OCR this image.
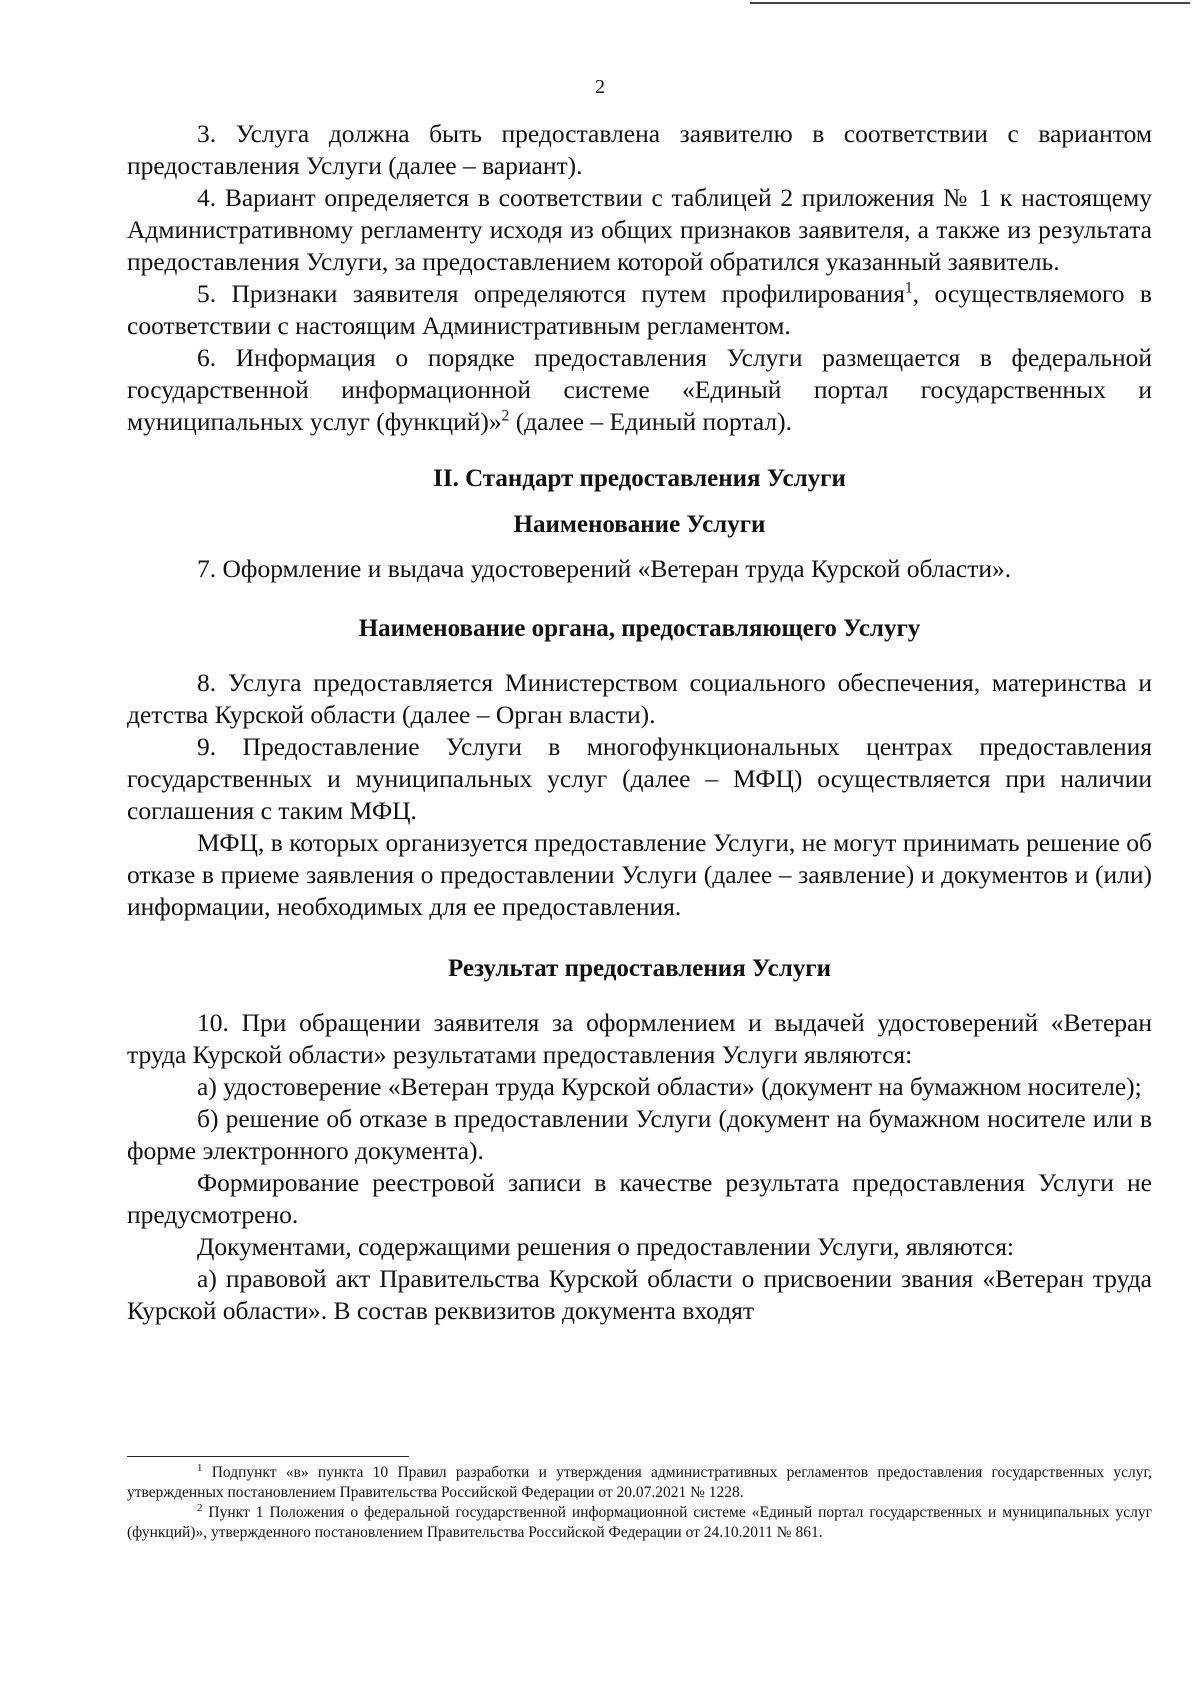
2

3. Услуга должна быть предоставлена заявителю в соответствии с вариантом предоставления Услуги (далее – вариант).

4. Вариант определяется в соответствии с таблицей 2 приложения № 1 к настоящему Административному регламенту исходя из общих признаков заявителя, а также из результата предоставления Услуги, за предоставлением которой обратился указанный заявитель.

5. Признаки заявителя определяются путем профилирования$^1$, осуществляемого в соответствии с настоящим Административным регламентом.

6. Информация о порядке предоставления Услуги размещается в федеральной государственной информационной системе «Единый портал государственных и муниципальных услуг (функций)»$^2$ (далее – Единый портал).

II. Стандарт предоставления Услуги
Наименование Услуги

7. Оформление и выдача удостоверений «Ветеран труда Курской области».

Наименование органа, предоставляющего Услугу

8. Услуга предоставляется Министерством социального обеспечения, материнства и детства Курской области (далее – Орган власти).

9. Предоставление Услуги в многофункциональных центрах предоставления государственных и муниципальных услуг (далее – МФЦ) осуществляется при наличии соглашения с таким МФЦ.

МФЦ, в которых организуется предоставление Услуги, не могут принимать решение об отказе в приеме заявления о предоставлении Услуги (далее – заявление) и документов и (или) информации, необходимых для ее предоставления.

Результат предоставления Услуги

10. При обращении заявителя за оформлением и выдачей удостоверений «Ветеран труда Курской области» результатами предоставления Услуги являются:

а) удостоверение «Ветеран труда Курской области» (документ на бумажном носителе);

б) решение об отказе в предоставлении Услуги (документ на бумажном носителе или в форме электронного документа).

Формирование реестровой записи в качестве результата предоставления Услуги не предусмотрено.

Документами, содержащими решения о предоставлении Услуги, являются:

а) правовой акт Правительства Курской области о присвоении звания «Ветеран труда Курской области». В состав реквизитов документа входят

$^1$ Подпункт «в» пункта 10 Правил разработки и утверждения административных регламентов предоставления государственных услуг, утвержденных постановлением Правительства Российской Федерации от 20.07.2021 № 1228.

$^2$ Пункт 1 Положения о федеральной государственной информационной системе «Единый портал государственных и муниципальных услуг (функций)», утвержденного постановлением Правительства Российской Федерации от 24.10.2011 № 861.
